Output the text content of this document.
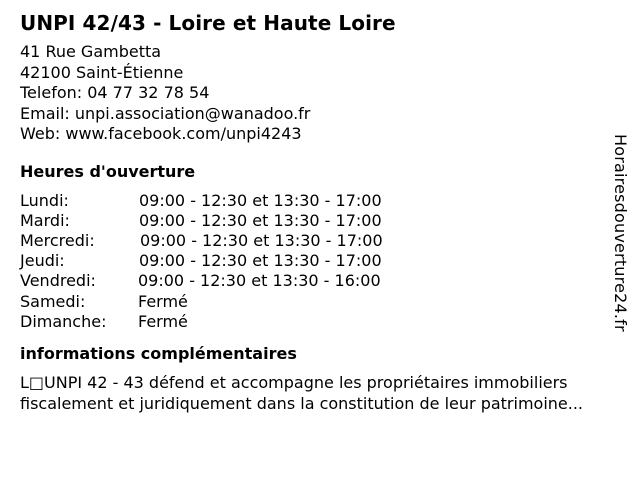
UNPI 42/43 - Loire et Haute Loire
41 Rue Gambetta
42100 Saint-Étienne
Telefon: 04 77 32 78 54
Email: unpi.association@wanadoo.fr
Web: www.facebook.com/unpi4243
Heures d'ouverture
Lundi:	09:00 - 12:30 et 13:30 - 17:00
Mardi:	09:00 - 12:30 et 13:30 - 17:00
Mercredi:	09:00 - 12:30 et 13:30 - 17:00
Jeudi:	09:00 - 12:30 et 13:30 - 17:00
Vendredi:	09:00 - 12:30 et 13:30 - 16:00
Samedi:	Fermé
Dimanche:	Fermé
informations complémentaires
L□UNPI 42 - 43 défend et accompagne les propriétaires immobiliers
fiscalement et juridiquement dans la constitution de leur patrimoine...
Horairesdouverture24.fr
